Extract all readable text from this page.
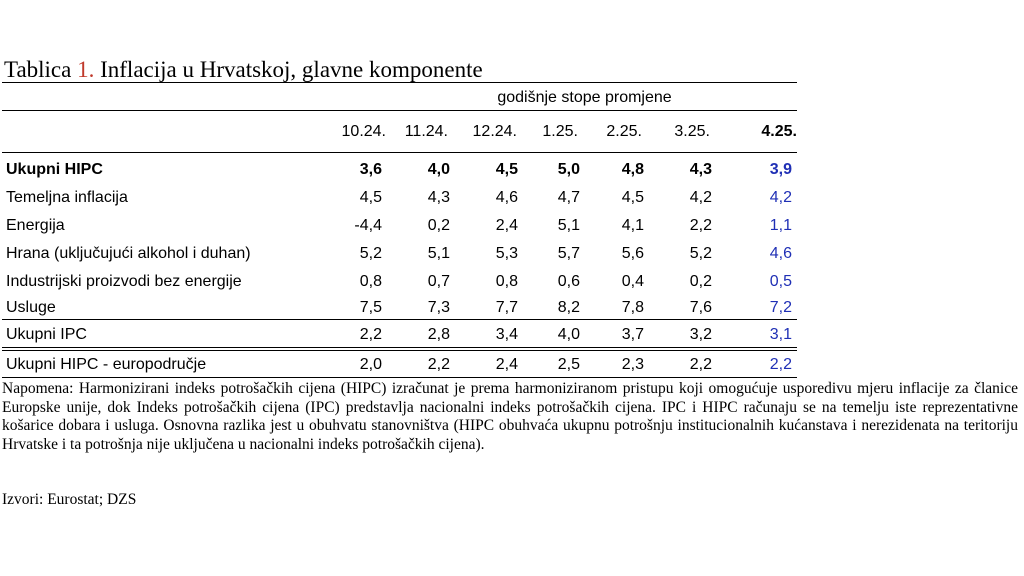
Tablica 1. Inflacija u Hrvatskoj, glavne komponente
godišnje stope promjene
10.24.	11.24.	12.24.	1.25.	2.25.	3.25.	4.25.
Ukupni HIPC	3,6	4,0	4,5	5,0	4,8	4,3	3,9
Temeljna inflacija	4,5	4,3	4,6	4,7	4,5	4,2	4,2
Energija	-4,4	0,2	2,4	5,1	4,1	2,2	1,1
Hrana (uključujući alkohol i duhan)	5,2	5,1	5,3	5,7	5,6	5,2	4,6
Industrijski proizvodi bez energije	0,8	0,7	0,8	0,6	0,4	0,2	0,5
Usluge	7,5	7,3	7,7	8,2	7,8	7,6	7,2
Ukupni IPC	2,2	2,8	3,4	4,0	3,7	3,2	3,1
Ukupni HIPC - europodručje	2,0	2,2	2,4	2,5	2,3	2,2	2,2
Napomena: Harmonizirani indeks potrošačkih cijena (HIPC) izračunat je prema harmoniziranom pristupu koji omogućuje usporedivu mjeru inflacije za članice Europske unije, dok Indeks potrošačkih cijena (IPC) predstavlja nacionalni indeks potrošačkih cijena. IPC i HIPC računaju se na temelju iste reprezentativne košarice dobara i usluga. Osnovna razlika jest u obuhvatu stanovništva (HIPC obuhvaća ukupnu potrošnju institucionalnih kućanstava i nerezidenata na teritoriju Hrvatske i ta potrošnja nije uključena u nacionalni indeks potrošačkih cijena).
Izvori: Eurostat; DZS
